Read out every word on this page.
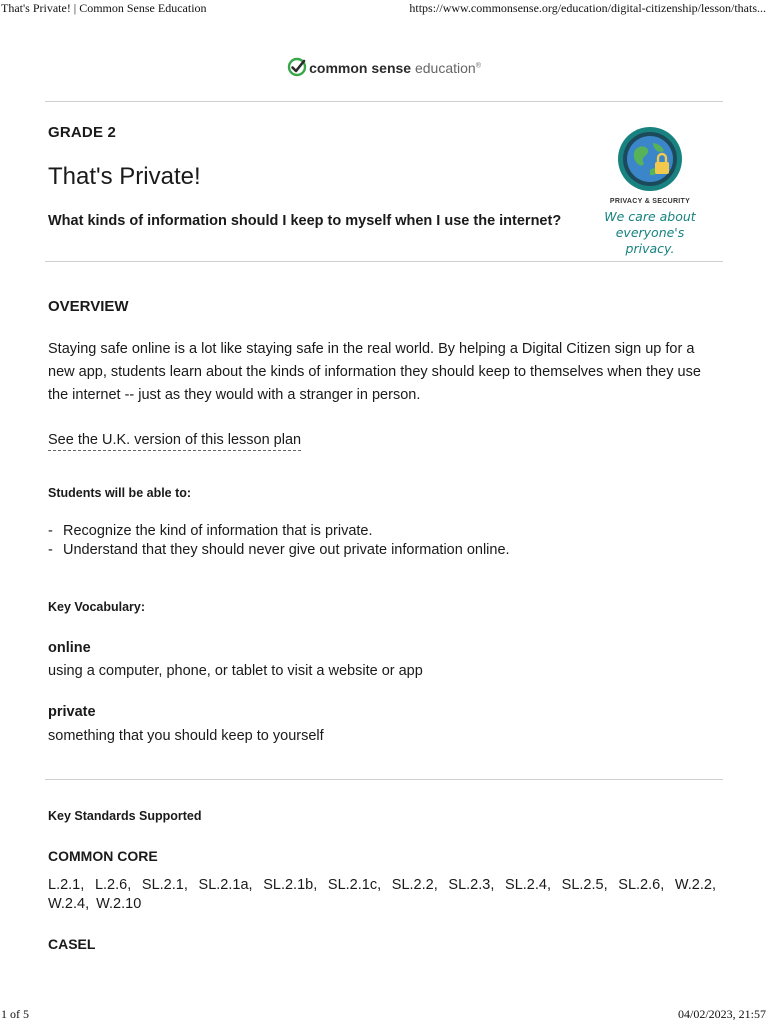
That's Private! | Common Sense Education	https://www.commonsense.org/education/digital-citizenship/lesson/thats...
common sense education®
GRADE 2
That's Private!
What kinds of information should I keep to myself when I use the internet?
PRIVACY & SECURITY
We care about
everyone's privacy.
OVERVIEW

Staying safe online is a lot like staying safe in the real world. By helping a Digital Citizen sign up for a new app, students learn about the kinds of information they should keep to themselves when they use the internet -- just as they would with a stranger in person.

See the U.K. version of this lesson plan
Students will be able to:
- Recognize the kind of information that is private.
- Understand that they should never give out private information online.
Key Vocabulary:
online
using a computer, phone, or tablet to visit a website or app
private
something that you should keep to yourself
Key Standards Supported
COMMON CORE
L.2.1, L.2.6, SL.2.1, SL.2.1a, SL.2.1b, SL.2.1c, SL.2.2, SL.2.3, SL.2.4, SL.2.5, SL.2.6, W.2.2, W.2.4, W.2.10
CASEL
1 of 5	04/02/2023, 21:57
